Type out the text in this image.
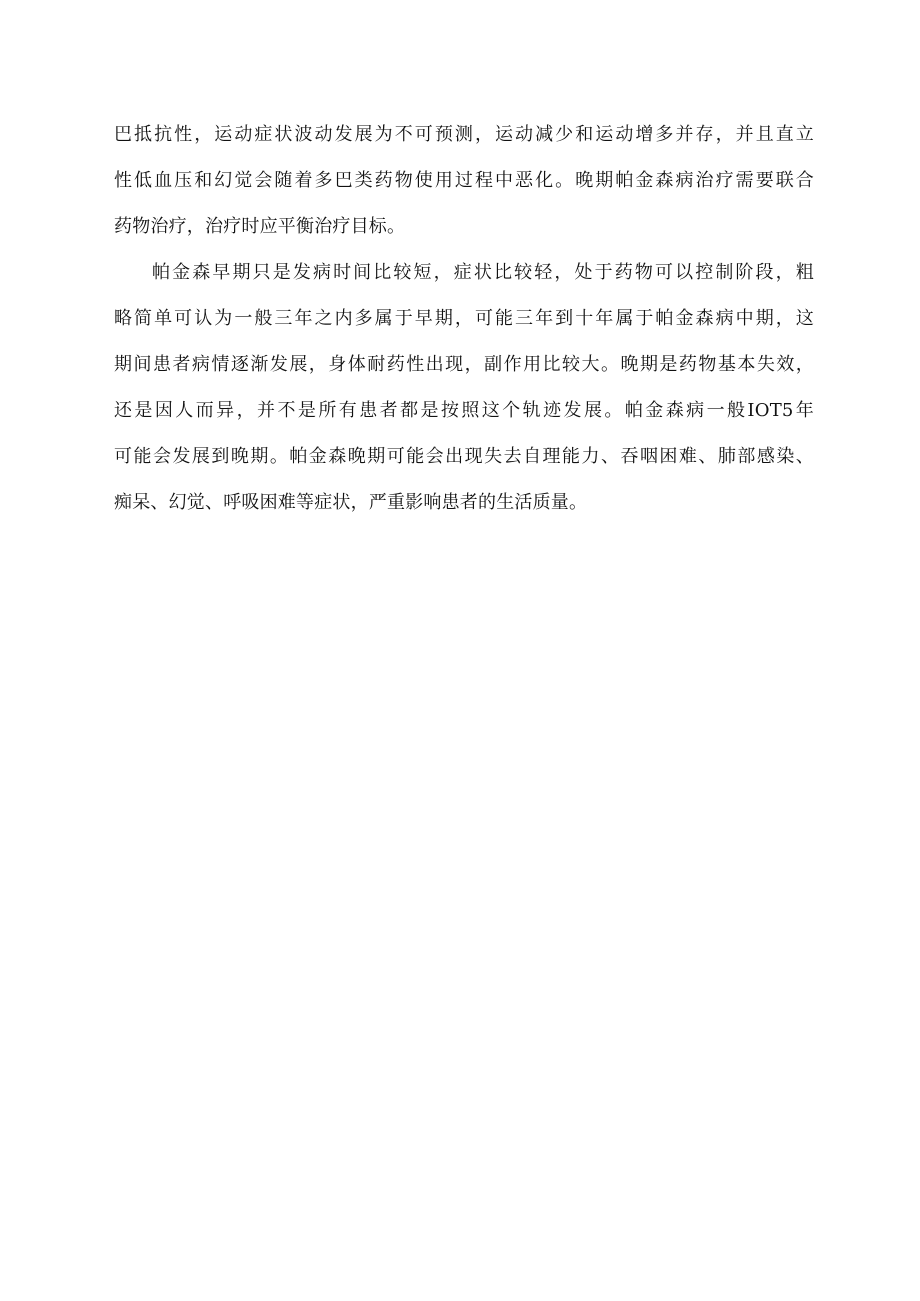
巴抵抗性，运动症状波动发展为不可预测，运动减少和运动增多并存，并且直立
性低血压和幻觉会随着多巴类药物使用过程中恶化。晚期帕金森病治疗需要联合
药物治疗，治疗时应平衡治疗目标。
帕金森早期只是发病时间比较短，症状比较轻，处于药物可以控制阶段，粗
略简单可认为一般三年之内多属于早期，可能三年到十年属于帕金森病中期，这
期间患者病情逐渐发展，身体耐药性出现，副作用比较大。晚期是药物基本失效，
还是因人而异，并不是所有患者都是按照这个轨迹发展。帕金森病一般IOT5年
可能会发展到晚期。帕金森晚期可能会出现失去自理能力、吞咽困难、肺部感染、
痴呆、幻觉、呼吸困难等症状，严重影响患者的生活质量。
